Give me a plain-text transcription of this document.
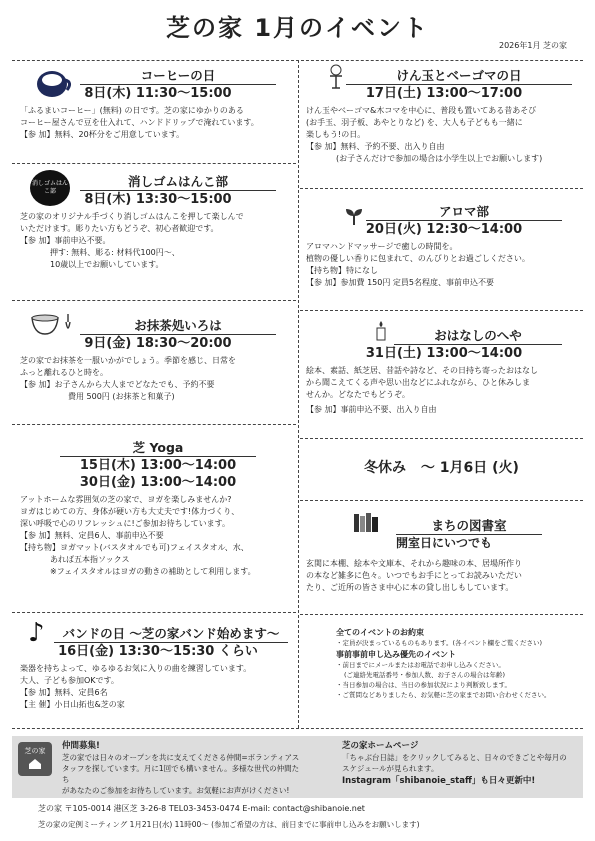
芝の家 1月のイベント
2026年1月 芝の家
コーヒーの日
8日(木) 11:30〜15:00
「ふるまいコーヒー」(無料) の日です。芝の家にゆかりのある
コーヒー屋さんで豆を仕入れて、ハンドドリップで淹れています。
【参 加】無料、20杯分をご用意しています。
消しゴムはんこ部
消しゴムはんこ部
8日(木) 13:30〜15:00
芝の家のオリジナル手づくり消しゴムはんこを押して楽しんで
いただけます。彫りたい方もどうぞ、初心者歓迎です。
【参 加】事前申込不要。
押す: 無料、彫る: 材料代100円〜、
10歳以上でお願いしています。
お抹茶処いろは
9日(金) 18:30〜20:00
芝の家でお抹茶を一服いかがでしょう。季節を感じ、日常を
ふっと離れるひと時を。
【参 加】お子さんから大人までどなたでも、予約不要
費用 500円 (お抹茶と和菓子)
芝 Yoga
15日(木) 13:00〜14:00
30日(金) 13:00〜14:00
アットホームな雰囲気の芝の家で、ヨガを楽しみませんか?
ヨガはじめての方、身体が硬い方も大丈夫です!体力づくり、
深い呼吸で心のリフレッシュに!ご参加お待ちしています。
【参 加】無料、定員6人、事前申込不要
【持ち物】ヨガマット(バスタオルでも可)フェイスタオル、水、
あれば五本指ソックス
※フェイスタオルはヨガの動きの補助として利用します。
♪	バンドの日 〜芝の家バンド始めます〜
16日(金) 13:30〜15:30 くらい
楽器を持ちよって、ゆるゆるお気に入りの曲を練習しています。
大人、子ども参加OKです。
【参 加】無料、定員6名
【主 催】小日山拓也&芝の家
けん玉とベーゴマの日
17日(土) 13:00〜17:00
けん玉やベーゴマ&木コマを中心に、普段も置いてある昔あそび
(お手玉、羽子板、あやとりなど) を、大人も子どもも一緒に
楽しもう!の日。
【参 加】無料、予約不要、出入り自由
(お子さんだけで参加の場合は小学生以上でお願いします)
アロマ部
20日(火) 12:30〜14:00
アロマハンドマッサージで癒しの時間を。
植物の優しい香りに包まれて、のんびりとお過ごしください。
【持ち物】特になし
【参 加】参加費 150円 定員5名程度、事前申込不要
おはなしのへや
31日(土) 13:00〜14:00
絵本、素話、紙芝居、昔話や詩など、その日持ち寄ったおはなし
から聞こえてくる声や思い出などにふれながら、ひと休みしま
せんか。どなたでもどうぞ。
【参 加】事前申込不要、出入り自由
冬休み 〜 1月6日 (火)
まちの図書室
開室日にいつでも
玄関に本棚、絵本や文庫本、それから趣味の本、居場所作り
の本など雑多に色々。いつでもお手にとってお読みいただい
たり、ご近所の皆さま中心に本の貸し出しもしています。
全てのイベントのお約束
・定員が決まっているものもあります。(各イベント欄をご覧ください)
事前事前申し込み優先のイベント
・前日までにメールまたはお電話でお申し込みください。
(ご連絡先電話番号・参加人数、お子さんの場合は年齢)
・当日参加の場合は、当日の参加状況により判断致します。
・ご質問などありましたら、お気軽に芝の家までお問い合わせください。
芝の家	仲間募集!
芝の家では日々のオープンを共に支えてくださる仲間=ボランティアス
タッフを探しています。月に1回でも構いません。多様な世代の仲間たち
があなたのご参加をお待ちしています。お気軽にお声がけください!
芝の家ホームページ
「ちゃぶ台日誌」をクリックしてみると、日々のできごとや毎月の
スケジュールが見られます。
Instagram「shibanoie_staff」も日々更新中!
芝の家 〒105-0014 港区芝 3-26-8 TEL03-3453-0474 E-mail: contact@shibanoie.net
芝の家の定例ミーティング 1月21日(水) 11時00〜 (参加ご希望の方は、前日までに事前申し込みをお願いします)
